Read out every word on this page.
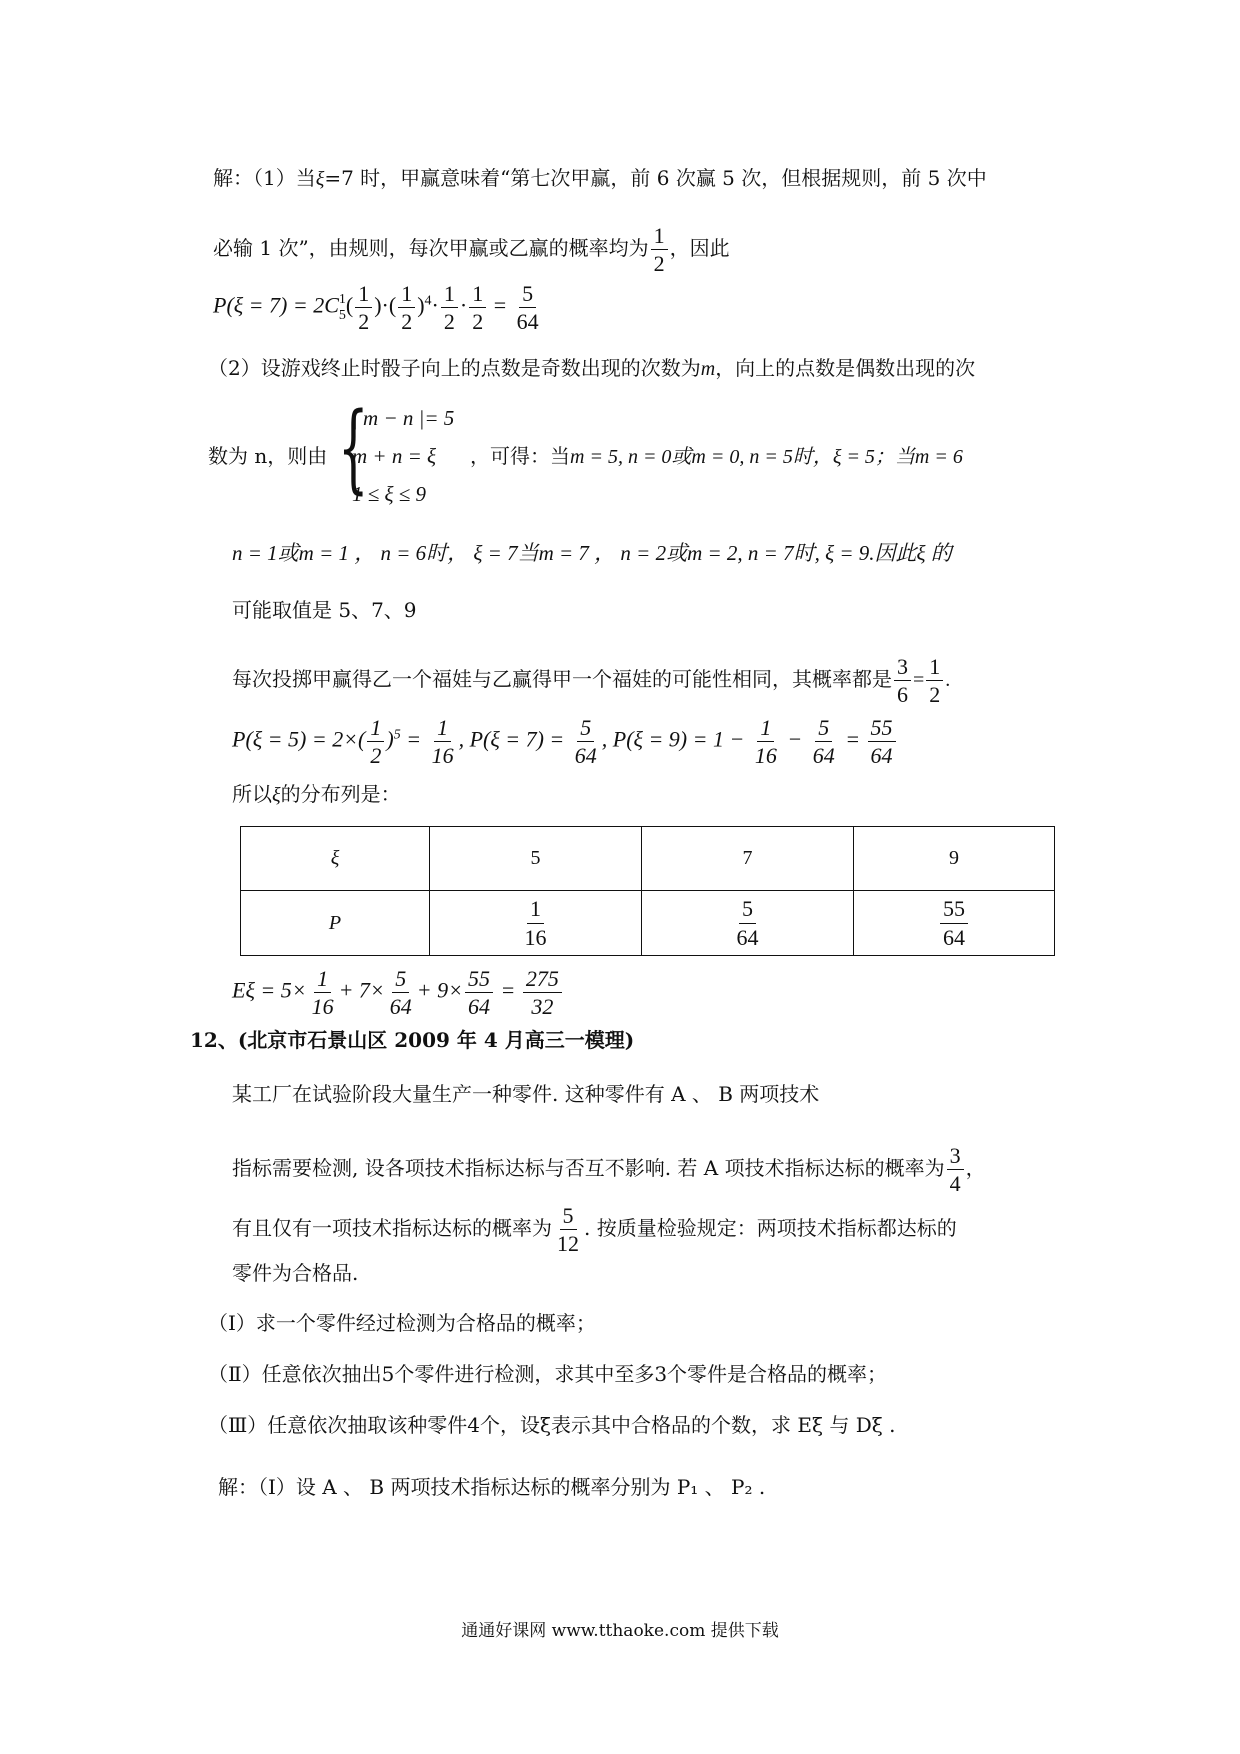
解：（1）当ξ=7 时，甲赢意味着“第七次甲赢，前 6 次赢 5 次，但根据规则，前 5 次中
必输 1 次”，由规则，每次甲赢或乙赢的概率均为 $\frac{1}{2}$ ，因此
P(ξ = 7) = 2C 1
5 ( $\frac{1}{2}$ )·( $\frac{1}{2} )^4\cdot \frac{1}{2} \cdot \frac{1}{2} = \frac{5}{64}$
（2）设游戏终止时骰子向上的点数是奇数出现的次数为m，向上的点数是偶数出现的次
{
| m − n |= 5
m + n = ξ
1 ≤ ξ ≤ 9
数为 n，则由	，可得：当m = 5, n = 0或m = 0, n = 5时，ξ = 5；当m = 6
n = 1或m = 1 ， n = 6时， ξ = 7当m = 7 ， n = 2或m = 2, n = 7时, ξ = 9.因此ξ 的
可能取值是 5、7、9
每次投掷甲赢得乙一个福娃与乙赢得甲一个福娃的可能性相同，其概率都是 $\frac{3}{6} = \frac{1}{2}$ .
$P(\xi = 5) = 2\times( \frac{1}{2} )^5 = \frac{1}{16}$ , $P(\xi = 7) = \frac{5}{64}$ , $P(\xi = 9) = 1 - \frac{1}{16} - \frac{5}{64} = \frac{55}{64}$
所以ξ的分布列是：
ξ	5	7	9
P	$\frac{1}{16}$	$\frac{5}{64}$	$\frac{55}{64}$
$E\xi = 5\times \frac{1}{16} + 7\times \frac{5}{64} + 9\times \frac{55}{64} = \frac{275}{32}$
12、(北京市石景山区 2009 年 4 月高三一模理)
某工厂在试验阶段大量生产一种零件. 这种零件有 A 、 B 两项技术
指标需要检测, 设各项技术指标达标与否互不影响. 若 A 项技术指标达标的概率为 $\frac{3}{4}$ ，
有且仅有一项技术指标达标的概率为 $\frac{5}{12}$ . 按质量检验规定：两项技术指标都达标的
零件为合格品.
（Ⅰ）求一个零件经过检测为合格品的概率；
（Ⅱ）任意依次抽出5个零件进行检测，求其中至多3个零件是合格品的概率；
（Ⅲ）任意依次抽取该种零件4个，设ξ表示其中合格品的个数，求 Eξ 与 Dξ .
解：（Ⅰ）设 A 、 B 两项技术指标达标的概率分别为 P₁ 、 P₂ .
通通好课网 www.tthaoke.com 提供下载
